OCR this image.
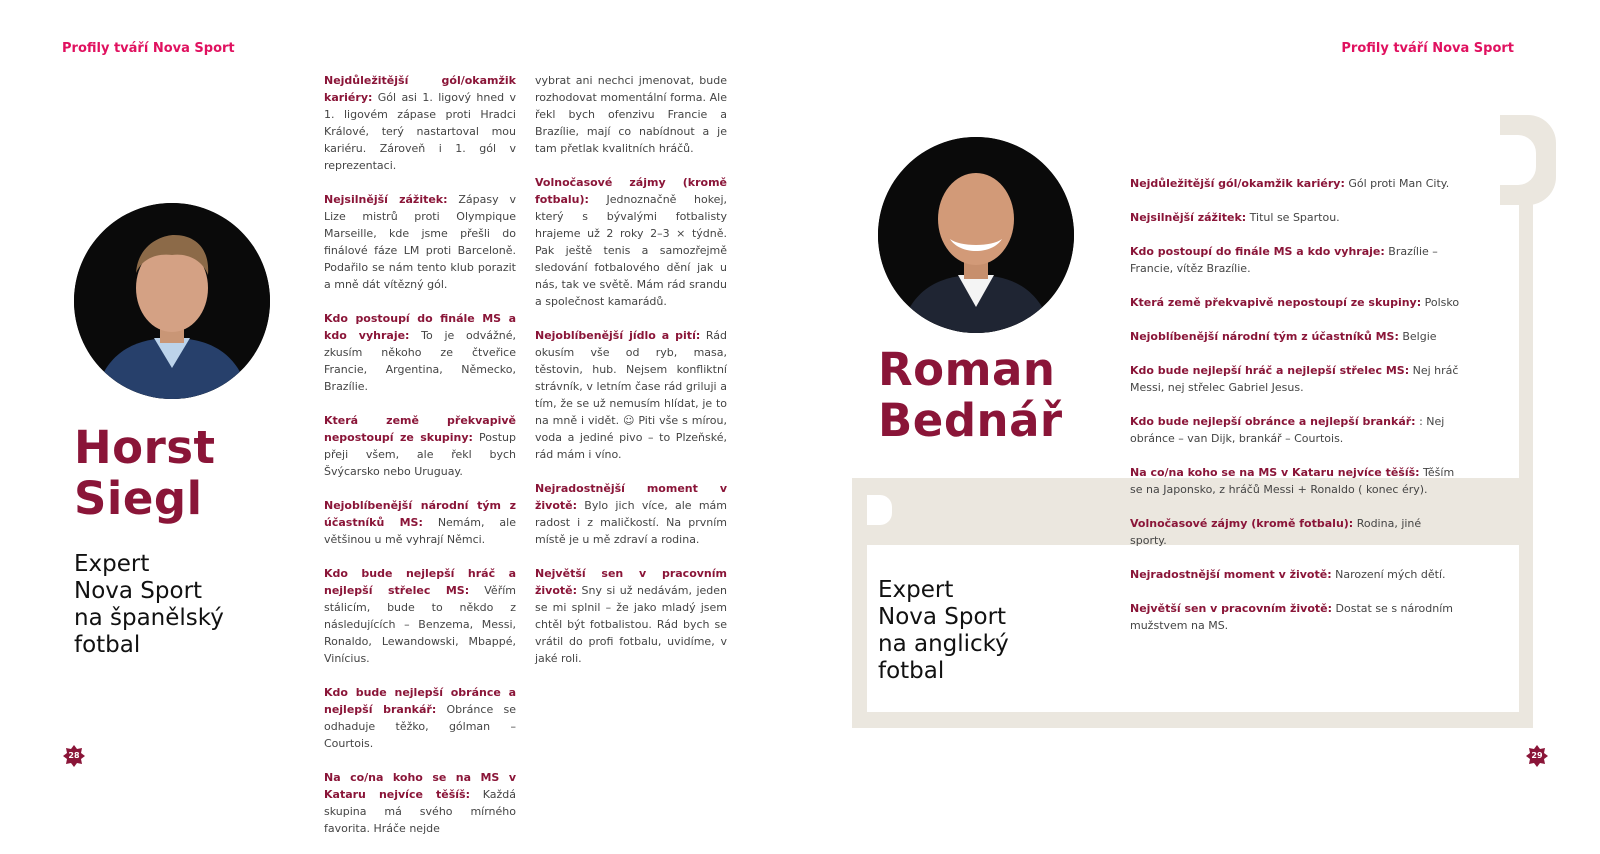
Profily tváří Nova Sport	Profily tváří Nova Sport
Horst
Siegl
Expert
Nova Sport
na španělský
fotbal

Nejdůležitější gól/okamžik kariéry: Gól asi 1. ligový hned v 1. ligovém zápase proti Hradci Králové, terý nastartoval mou kariéru. Zároveň i 1. gól v reprezentaci.

Nejsilnější zážitek: Zápasy v Lize mistrů proti Olympique Marseille, kde jsme přešli do finálové fáze LM proti Barceloně. Podařilo se nám tento klub porazit a mně dát vítězný gól.

Kdo postoupí do finále MS a kdo vyhraje: To je odvážné, zkusím někoho ze čtveřice Francie, Argentina, Německo, Brazílie.

Která země překvapivě nepostoupí ze skupiny: Postup přeji všem, ale řekl bych Švýcarsko nebo Uruguay.

Nejoblíbenější národní tým z účastníků MS: Nemám, ale většinou u mě vyhrají Němci.

Kdo bude nejlepší hráč a nejlepší střelec MS: Věřím stálicím, bude to někdo z následujících – Benzema, Messi, Ronaldo, Lewandowski, Mbappé, Vinícius.

Kdo bude nejlepší obránce a nejlepší brankář: Obránce se odhaduje těžko, gólman – Courtois.

Na co/na koho se na MS v Kataru nejvíce těšíš: Každá skupina má svého mírného favorita. Hráče nejde

vybrat ani nechci jmenovat, bude rozhodovat momentální forma. Ale řekl bych ofenzivu Francie a Brazílie, mají co nabídnout a je tam přetlak kvalitních hráčů.

Volnočasové zájmy (kromě fotbalu): Jednoznačně hokej, který s bývalými fotbalisty hrajeme už 2 roky 2–3 × týdně. Pak ještě tenis a samozřejmě sledování fotbalového dění jak u nás, tak ve světě. Mám rád srandu a společnost kamarádů.

Nejoblíbenější jídlo a pití: Rád okusím vše od ryb, masa, těstovin, hub. Nejsem konfliktní strávník, v letním čase rád griluji a tím, že se už nemusím hlídat, je to na mně i vidět. ☺ Piti vše s mírou, voda a jediné pivo – to Plzeňské, rád mám i víno.

Nejradostnější moment v životě: Bylo jich více, ale mám radost i z maličkostí. Na prvním místě je u mě zdraví a rodina.

Největší sen v pracovním životě: Sny si už nedávám, jeden se mi splnil – že jako mladý jsem chtěl být fotbalistou. Rád bych se vrátil do profi fotbalu, uvidíme, v jaké roli.

28
Roman
Bednář
Expert
Nova Sport
na anglický
fotbal

Nejdůležitější gól/okamžik kariéry: Gól proti Man City.

Nejsilnější zážitek: Titul se Spartou.

Kdo postoupí do finále MS a kdo vyhraje: Brazílie – Francie, vítěz Brazílie.

Která země překvapivě nepostoupí ze skupiny: Polsko

Nejoblíbenější národní tým z účastníků MS: Belgie

Kdo bude nejlepší hráč a nejlepší střelec MS: Nej hráč Messi, nej střelec Gabriel Jesus.

Kdo bude nejlepší obránce a nejlepší brankář: : Nej obránce – van Dijk, brankář – Courtois.

Na co/na koho se na MS v Kataru nejvíce těšíš: Těším se na Japonsko, z hráčů Messi + Ronaldo ( konec éry).

Volnočasové zájmy (kromě fotbalu): Rodina, jiné sporty.

Nejradostnější moment v životě: Narození mých dětí.

Největší sen v pracovním životě: Dostat se s národním mužstvem na MS.

29
